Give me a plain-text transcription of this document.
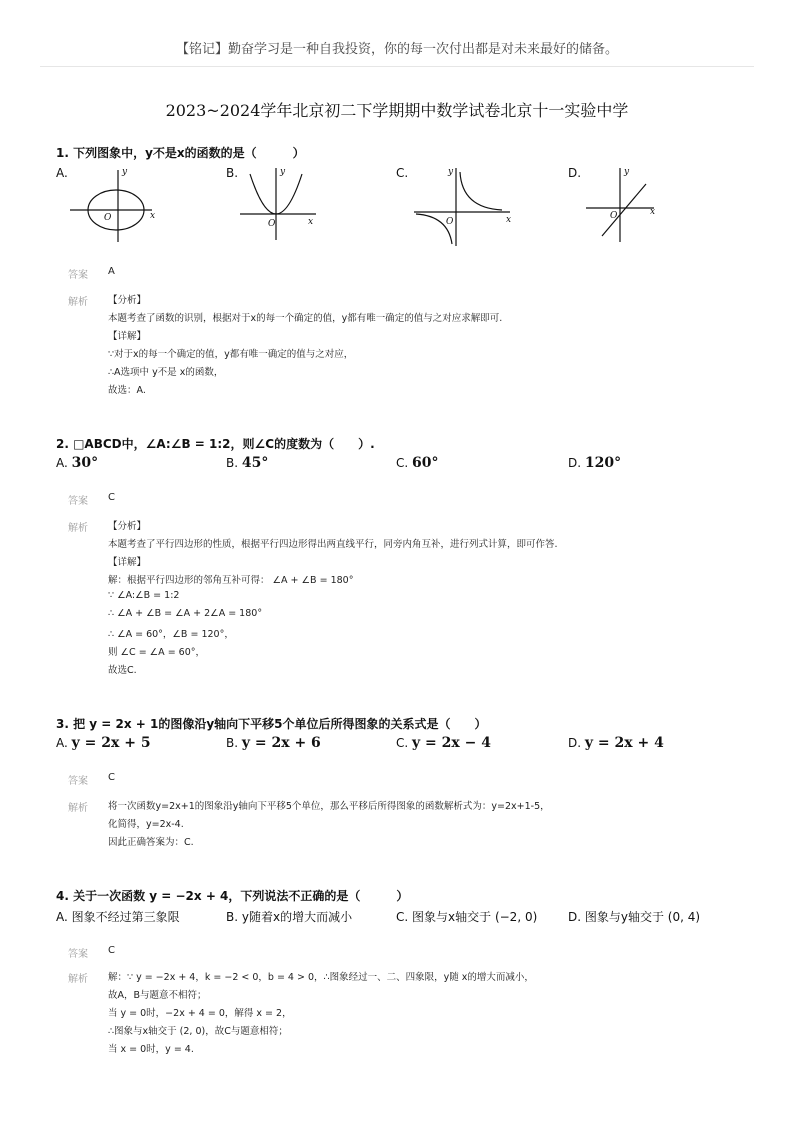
【铭记】勤奋学习是一种自我投资，你的每一次付出都是对未来最好的储备。
2023~2024学年北京初二下学期期中数学试卷北京十一实验中学
1. 下列图象中，y不是x的函数的是（　　　）
A.	B.	C.	D.
y
x
O
y
x
O
y
x
O
y
x
O
答案 A
解析 【分析】
本题考查了函数的识别，根据对于x的每一个确定的值，y都有唯一确定的值与之对应求解即可.
【详解】
∵对于x的每一个确定的值，y都有唯一确定的值与之对应，
∴A选项中 y不是 x的函数，
故选：A.
2. □ABCD中，∠A:∠B = 1:2，则∠C的度数为（　　）.
A. 30°	B. 45°	C. 60°	D. 120°
答案 C
解析 【分析】
本题考查了平行四边形的性质，根据平行四边形得出两直线平行，同旁内角互补，进行列式计算，即可作答.
【详解】
解：根据平行四边形的邻角互补可得： ∠A + ∠B = 180°
∵ ∠A:∠B = 1:2
∴ ∠A + ∠B = ∠A + 2∠A = 180°
∴ ∠A = 60°，∠B = 120°，
则 ∠C = ∠A = 60°，
故选C.
3. 把 y = 2x + 1的图像沿y轴向下平移5个单位后所得图象的关系式是（　　）
A. y = 2x + 5	B. y = 2x + 6	C. y = 2x − 4	D. y = 2x + 4
答案 C
解析 将一次函数y=2x+1的图象沿y轴向下平移5个单位，那么平移后所得图象的函数解析式为：y=2x+1-5，
化简得，y=2x-4.
因此正确答案为：C.
4. 关于一次函数 y = −2x + 4，下列说法不正确的是（　　　）
A. 图象不经过第三象限	B. y随着x的增大而减小	C. 图象与x轴交于 (−2, 0)	D. 图象与y轴交于 (0, 4)
答案 C
解析 解：∵ y = −2x + 4，k = −2 < 0，b = 4 > 0，∴图象经过一、二、四象限，y随 x的增大而减小，
故A，B与题意不相符；
当 y = 0时，−2x + 4 = 0，解得 x = 2，
∴图象与x轴交于 (2, 0)，故C与题意相符；
当 x = 0时，y = 4.
